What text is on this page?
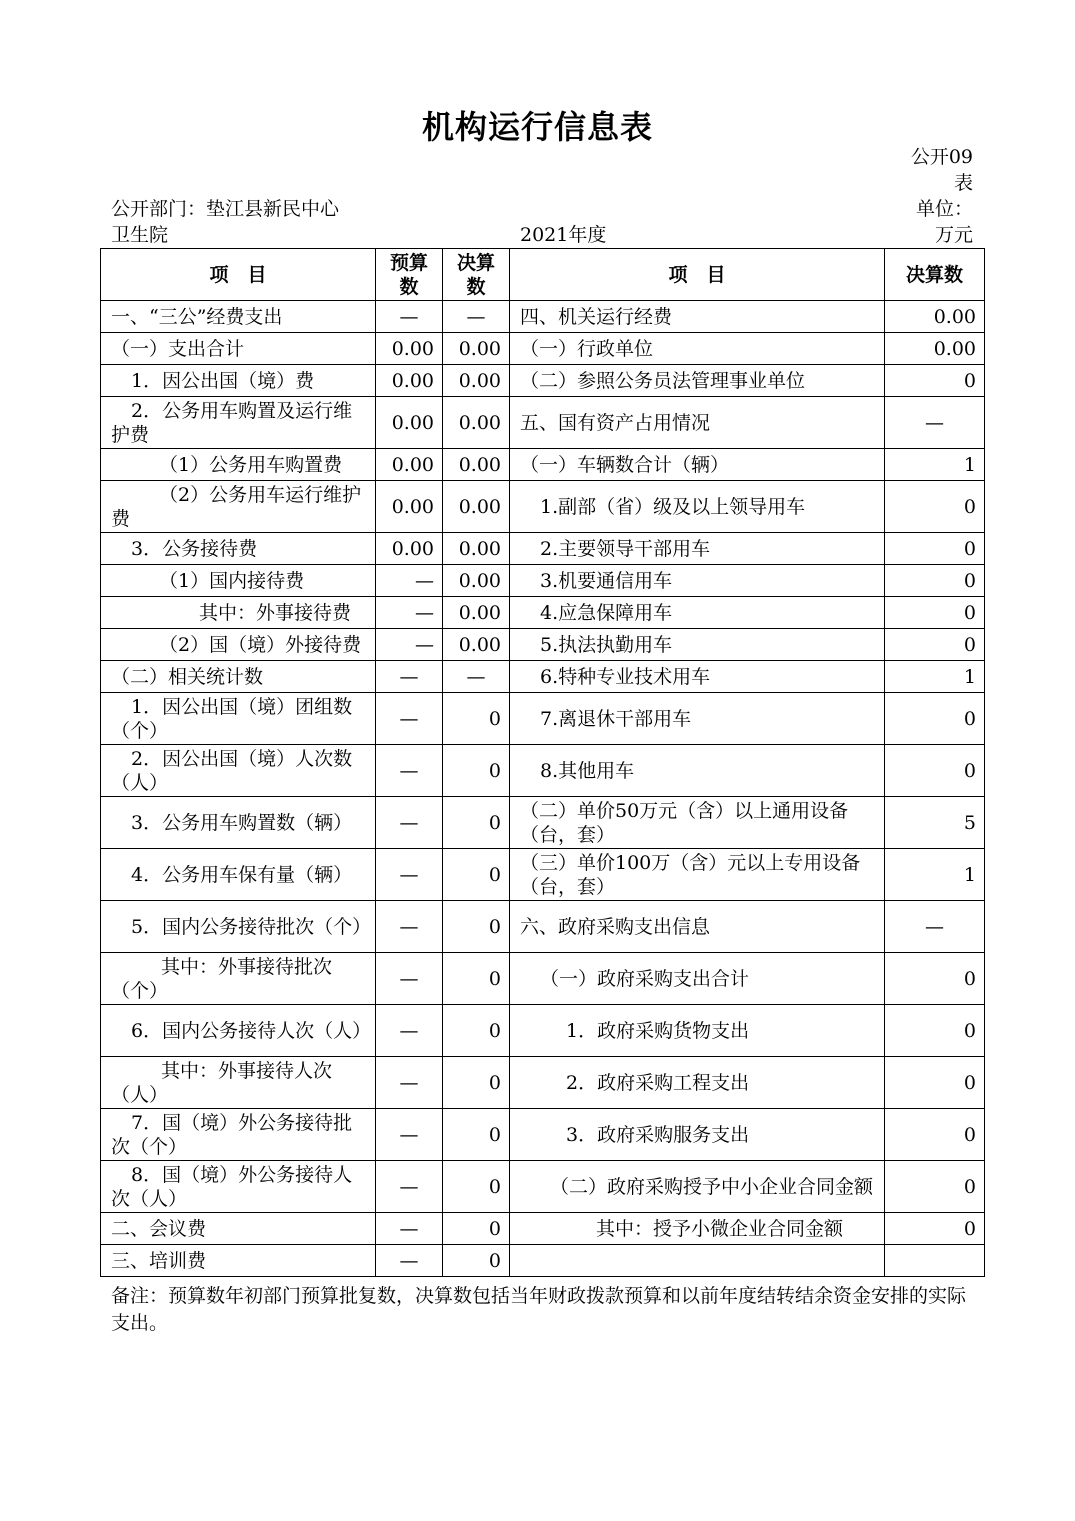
机构运行信息表
公开09
表
公开部门：垫江县新民中心
卫生院	2021年度
单位：
万元
项　目	预算数	决算数	项　目	决算数
一、“三公”经费支出	—	—	四、机关运行经费	0.00
（一）支出合计	0.00	0.00	（一）行政单位	0.00
1．因公出国（境）费	0.00	0.00	（二）参照公务员法管理事业单位	0
2．公务用车购置及运行维护费	0.00	0.00	五、国有资产占用情况	—
（1）公务用车购置费	0.00	0.00	（一）车辆数合计（辆）	1
（2）公务用车运行维护费	0.00	0.00	1.副部（省）级及以上领导用车	0
3．公务接待费	0.00	0.00	2.主要领导干部用车	0
（1）国内接待费	—	0.00	3.机要通信用车	0
其中：外事接待费	—	0.00	4.应急保障用车	0
（2）国（境）外接待费	—	0.00	5.执法执勤用车	0
（二）相关统计数	—	—	6.特种专业技术用车	1
1．因公出国（境）团组数（个）	—	0	7.离退休干部用车	0
2．因公出国（境）人次数（人）	—	0	8.其他用车	0
3．公务用车购置数（辆）	—	0	（二）单价50万元（含）以上通用设备（台，套）	5
4．公务用车保有量（辆）	—	0	（三）单价100万（含）元以上专用设备（台，套）	1
5．国内公务接待批次（个）	—	0	六、政府采购支出信息	—
其中：外事接待批次（个）	—	0	（一）政府采购支出合计	0
6．国内公务接待人次（人）	—	0	1．政府采购货物支出	0
其中：外事接待人次（人）	—	0	2．政府采购工程支出	0
7．国（境）外公务接待批次（个）	—	0	3．政府采购服务支出	0
8．国（境）外公务接待人次（人）	—	0	（二）政府采购授予中小企业合同金额	0
二、会议费	—	0	其中：授予小微企业合同金额	0
三、培训费	—	0		
备注：预算数年初部门预算批复数，决算数包括当年财政拨款预算和以前年度结转结余资金安排的实际支出。
